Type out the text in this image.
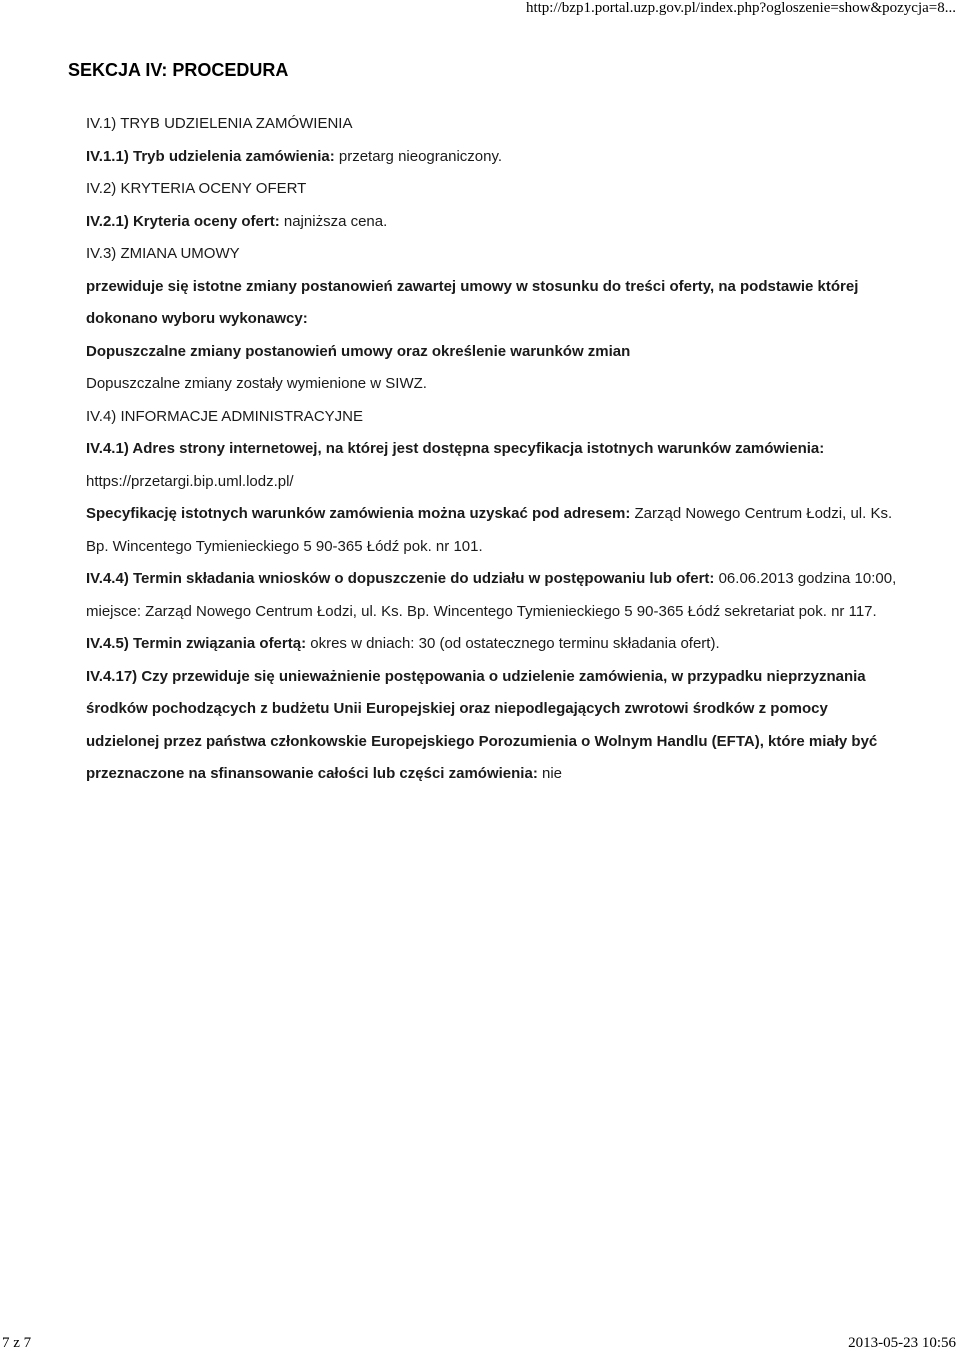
http://bzp1.portal.uzp.gov.pl/index.php?ogloszenie=show&pozycja=8...
SEKCJA IV: PROCEDURA

IV.1) TRYB UDZIELENIA ZAMÓWIENIA

IV.1.1) Tryb udzielenia zamówienia: przetarg nieograniczony.

IV.2) KRYTERIA OCENY OFERT

IV.2.1) Kryteria oceny ofert: najniższa cena.

IV.3) ZMIANA UMOWY

przewiduje się istotne zmiany postanowień zawartej umowy w stosunku do treści oferty, na podstawie której dokonano wyboru wykonawcy:

Dopuszczalne zmiany postanowień umowy oraz określenie warunków zmian

Dopuszczalne zmiany zostały wymienione w SIWZ.

IV.4) INFORMACJE ADMINISTRACYJNE

IV.4.1) Adres strony internetowej, na której jest dostępna specyfikacja istotnych warunków zamówienia: https://przetargi.bip.uml.lodz.pl/

Specyfikację istotnych warunków zamówienia można uzyskać pod adresem: Zarząd Nowego Centrum Łodzi, ul. Ks. Bp. Wincentego Tymienieckiego 5 90-365 Łódź pok. nr 101.

IV.4.4) Termin składania wniosków o dopuszczenie do udziału w postępowaniu lub ofert: 06.06.2013 godzina 10:00, miejsce: Zarząd Nowego Centrum Łodzi, ul. Ks. Bp. Wincentego Tymienieckiego 5 90-365 Łódź sekretariat pok. nr 117.

IV.4.5) Termin związania ofertą: okres w dniach: 30 (od ostatecznego terminu składania ofert).

IV.4.17) Czy przewiduje się unieważnienie postępowania o udzielenie zamówienia, w przypadku nieprzyznania środków pochodzących z budżetu Unii Europejskiej oraz niepodlegających zwrotowi środków z pomocy udzielonej przez państwa członkowskie Europejskiego Porozumienia o Wolnym Handlu (EFTA), które miały być przeznaczone na sfinansowanie całości lub części zamówienia: nie

7 z 7	2013-05-23 10:56
